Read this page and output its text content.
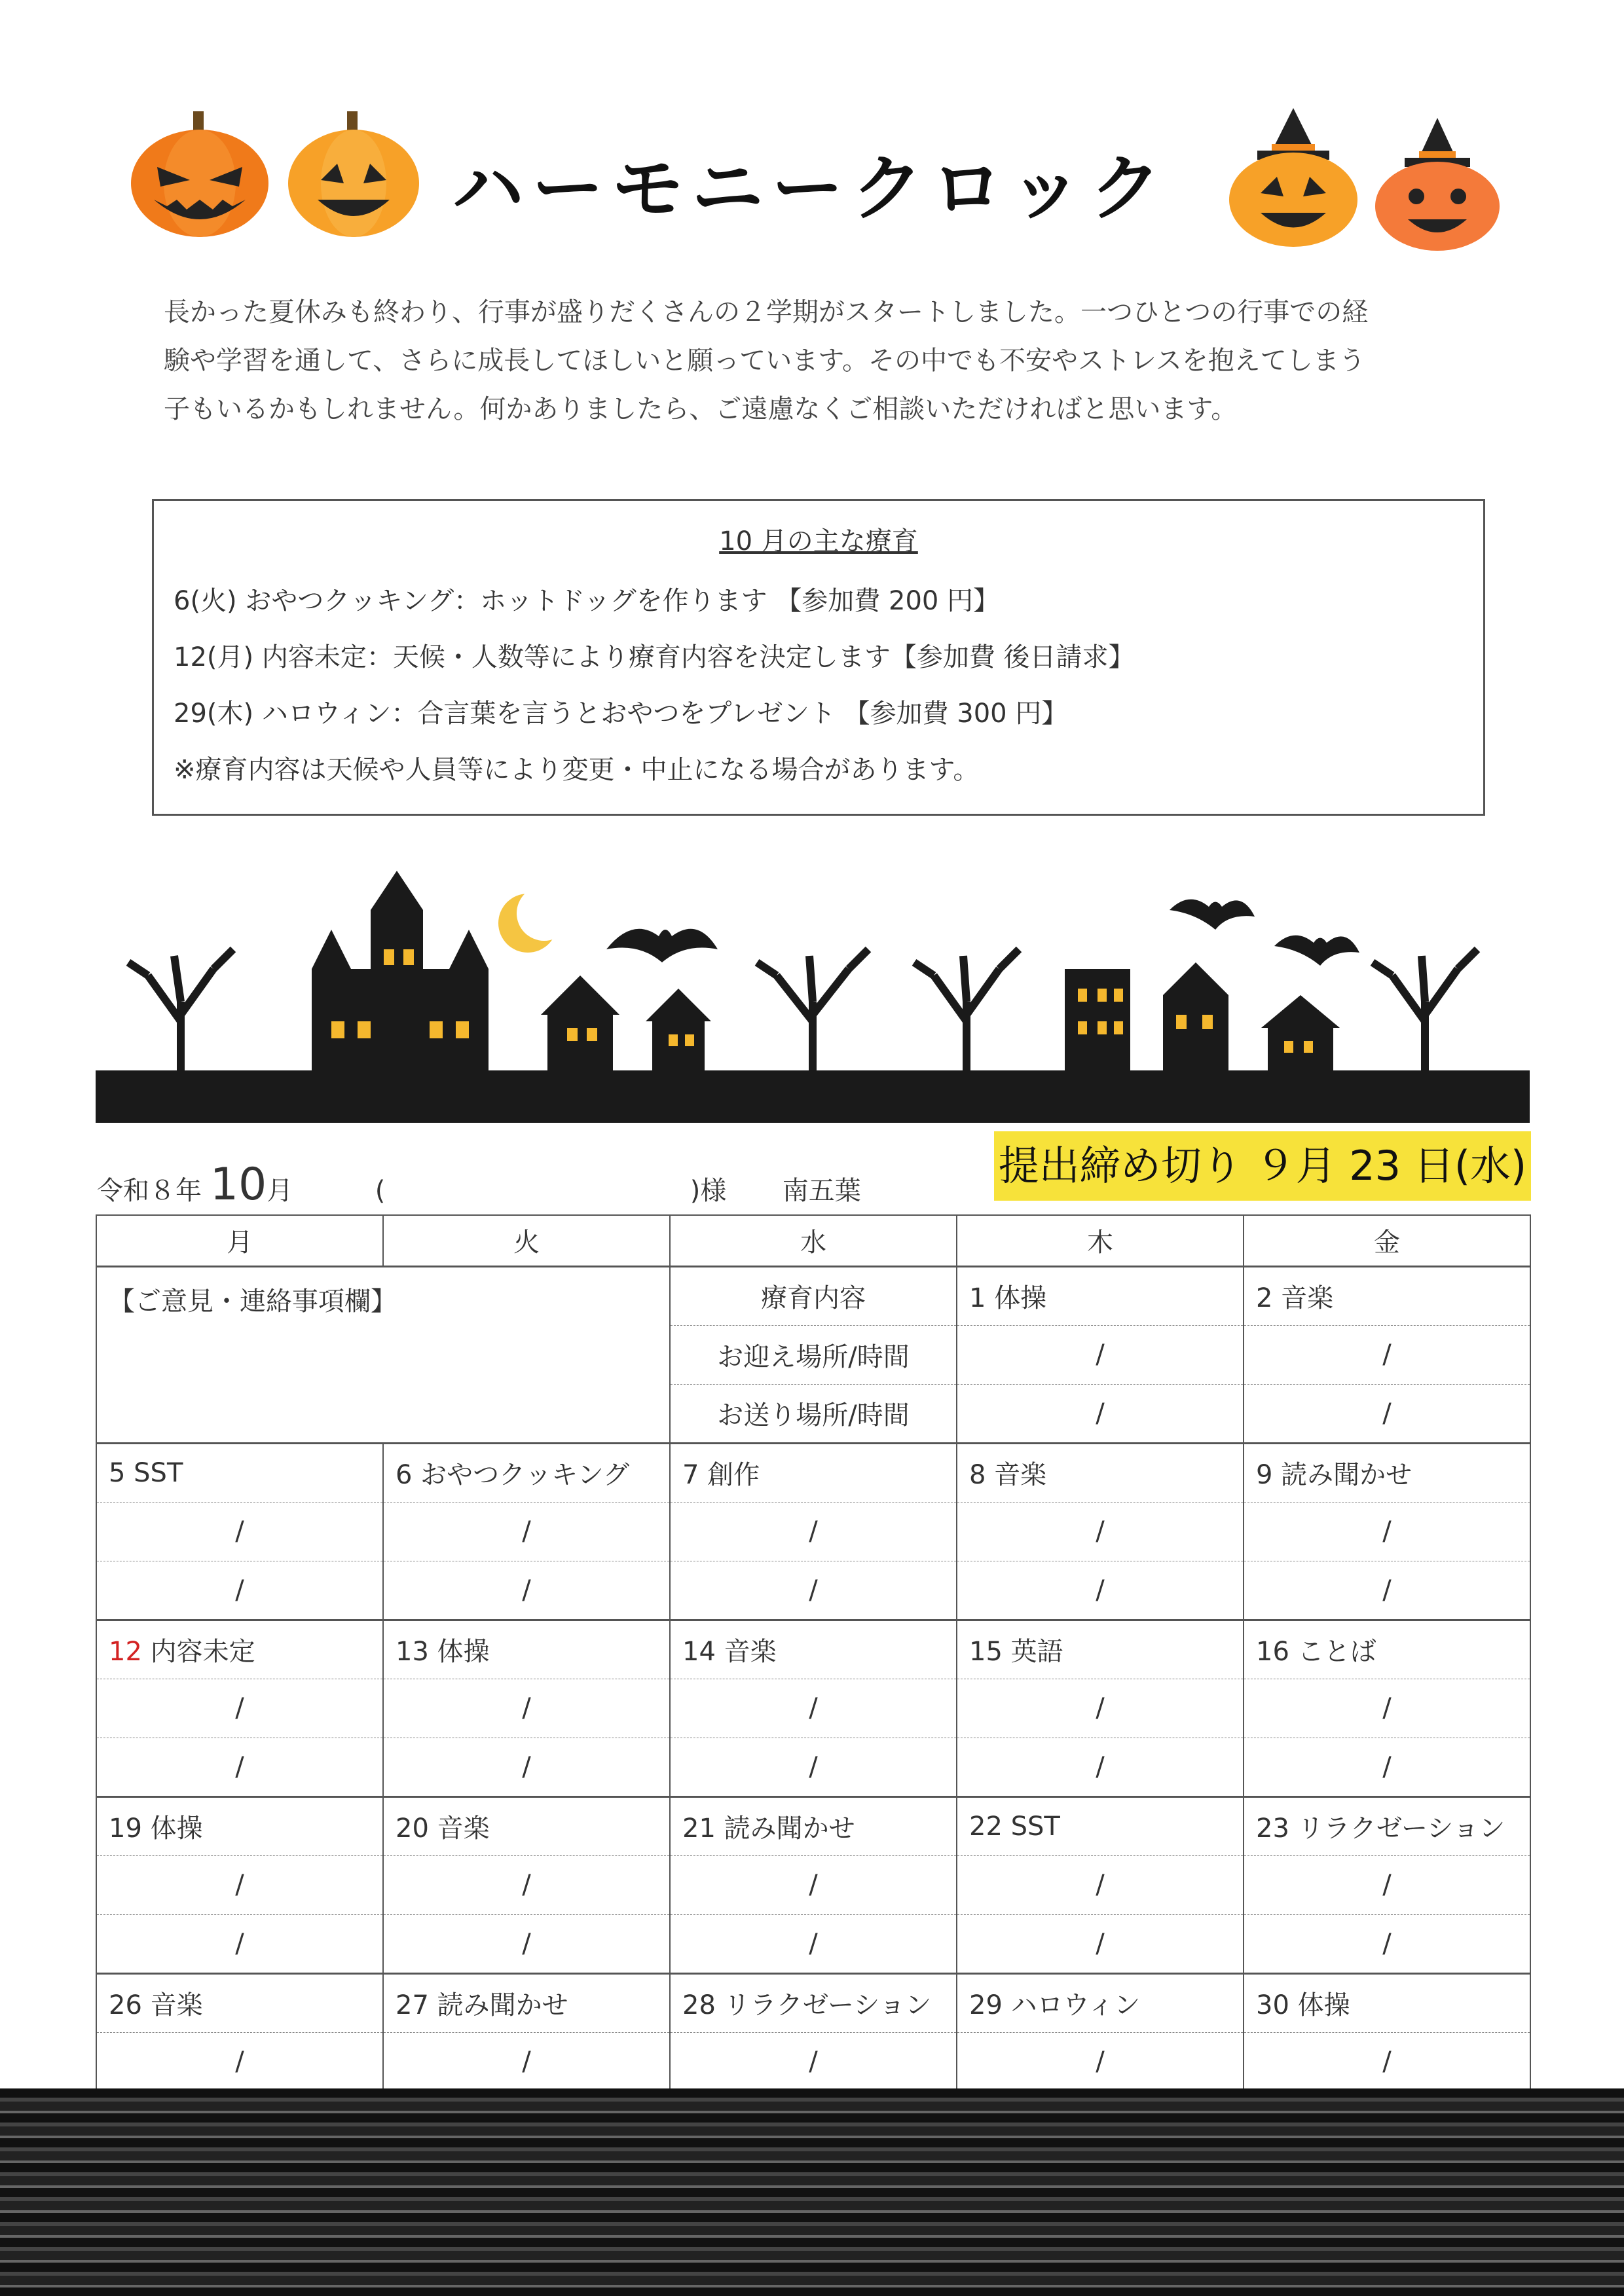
ハーモニークロック

長かった夏休みも終わり、行事が盛りだくさんの２学期がスタートしました。一つひとつの行事での経

験や学習を通して、さらに成長してほしいと願っています。その中でも不安やストレスを抱えてしまう

子もいるかもしれません。何かありましたら、ご遠慮なくご相談いただければと思います。

10 月の主な療育
6(火) おやつクッキング：ホットドッグを作ります 【参加費 200 円】
12(月) 内容未定：天候・人数等により療育内容を決定します【参加費 後日請求】
29(木) ハロウィン：合言葉を言うとおやつをプレゼント 【参加費 300 円】
※療育内容は天候や人員等により変更・中止になる場合があります。
令和８年 10月	(	)様 南五葉
提出締め切り ９月 23 日(水)
月	火	水	木	金
【ご意見・連絡事項欄】		療育内容	1 体操	2 音楽
		お迎え場所/時間	/	/
		お送り場所/時間	/	/
5 SST	6 おやつクッキング	7 創作	8 音楽	9 読み聞かせ
/	/	/	/	/
/	/	/	/	/
12 内容未定	13 体操	14 音楽	15 英語	16 ことば
/	/	/	/	/
/	/	/	/	/
19 体操	20 音楽	21 読み聞かせ	22 SST	23 リラクゼーション
/	/	/	/	/
/	/	/	/	/
26 音楽	27 読み聞かせ	28 リラクゼーション	29 ハロウィン	30 体操
/	/	/	/	/
